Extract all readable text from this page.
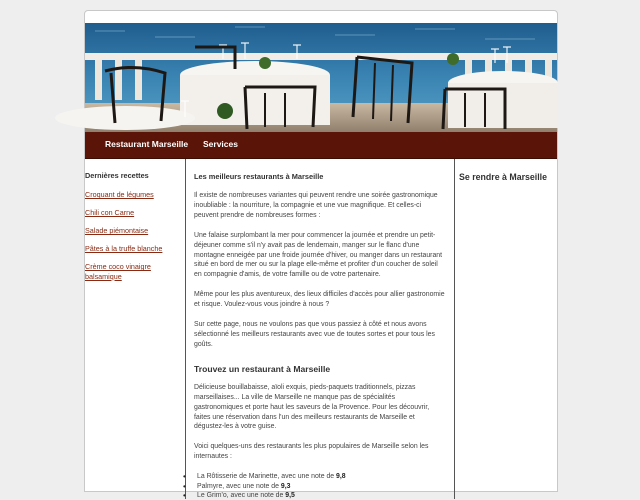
Restaurant Marseille Services
Dernières recettes
Croquant de légumes
Chili con Carne
Salade piémontaise
Pâtes à la truffe blanche
Crème coco vinaigre balsamique
Les meilleurs restaurants à Marseille

Il existe de nombreuses variantes qui peuvent rendre une soirée gastronomique inoubliable : la nourriture, la compagnie et une vue magnifique. Et celles-ci peuvent prendre de nombreuses formes :

Une falaise surplombant la mer pour commencer la journée et prendre un petit-déjeuner comme s'il n'y avait pas de lendemain, manger sur le flanc d'une montagne enneigée par une froide journée d'hiver, ou manger dans un restaurant situé en bord de mer ou sur la plage elle-même et profiter d'un coucher de soleil en compagnie d'amis, de votre famille ou de votre partenaire.

Même pour les plus aventureux, des lieux difficiles d'accès pour allier gastronomie et risque. Voulez-vous vous joindre à nous ?

Sur cette page, nous ne voulons pas que vous passiez à côté et nous avons sélectionné les meilleurs restaurants avec vue de toutes sortes et pour tous les goûts.

Trouvez un restaurant à Marseille

Délicieuse bouillabaisse, aïoli exquis, pieds-paquets traditionnels, pizzas marseillaises... La ville de Marseille ne manque pas de spécialités gastronomiques et porte haut les saveurs de la Provence. Pour les découvrir, faites une réservation dans l'un des meilleurs restaurants de Marseille et dégustez-les à votre guise.

Voici quelques-uns des restaurants les plus populaires de Marseille selon les internautes :

• La Rôtisserie de Marinette, avec une note de 9,8
• Palmyre, avec une note de 9,3
• Le Grim'o, avec une note de 9,5
Se rendre à Marseille
